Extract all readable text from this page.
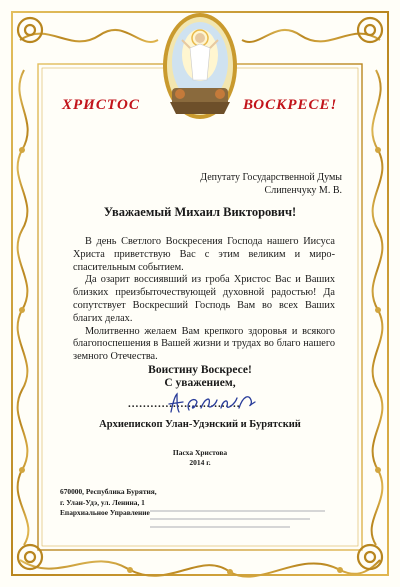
ХРИСТОС	ВОСКРЕСЕ!
Депутату Государственной Думы
Слипенчуку М. В.
Уважаемый Михаил Викторович!

В день Светлого Воскресения Господа нашего Иисуса Христа приветствую Вас с этим великим и мироспасительным событием.

Да озарит воссиявший из гроба Христос Вас и Ваших близких преизбыточествующей духовной радостью! Да сопутствует Воскресший Господь Вам во всех Ваших благих делах.

Молитвенно желаем Вам крепкого здоровья и всякого благопоспешения в Вашей жизни и трудах во благо нашего земного Отечества.

Воистину Воскресе!
С уважением,
..............................
Архиепископ Улан-Удэнский и Бурятский
Пасха Христова
2014 г.
670000, Республика Бурятия,
г. Улан-Удэ, ул. Ленина, 1
Епархиальное Управление
